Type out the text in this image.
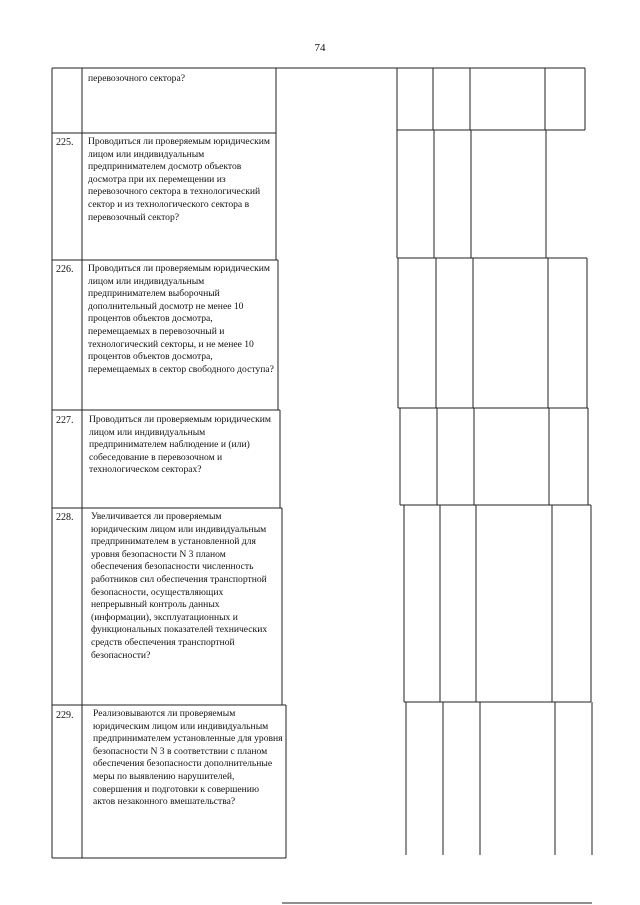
74
перевозочного сектора?
225. Проводиться ли проверяемым юридическим лицом или индивидуальным предпринимателем досмотр объектов досмотра при их перемещении из перевозочного сектора в технологический сектор и из технологического сектора в перевозочный сектор?
226. Проводиться ли проверяемым юридическим лицом или индивидуальным предпринимателем выборочный дополнительный досмотр не менее 10 процентов объектов досмотра, перемещаемых в перевозочный и технологический секторы, и не менее 10 процентов объектов досмотра, перемещаемых в сектор свободного доступа?
227. Проводиться ли проверяемым юридическим лицом или индивидуальным предпринимателем наблюдение и (или) собеседование в перевозочном и технологическом секторах?
228. Увеличивается ли проверяемым юридическим лицом или индивидуальным предпринимателем в установленной для уровня безопасности N 3 планом обеспечения безопасности численность работников сил обеспечения транспортной безопасности, осуществляющих непрерывный контроль данных (информации), эксплуатационных и функциональных показателей технических средств обеспечения транспортной безопасности?
229. Реализовываются ли проверяемым юридическим лицом или индивидуальным предпринимателем установленные для уровня безопасности N 3 в соответствии с планом обеспечения безопасности дополнительные меры по выявлению нарушителей, совершения и подготовки к совершению актов незаконного вмешательства?
